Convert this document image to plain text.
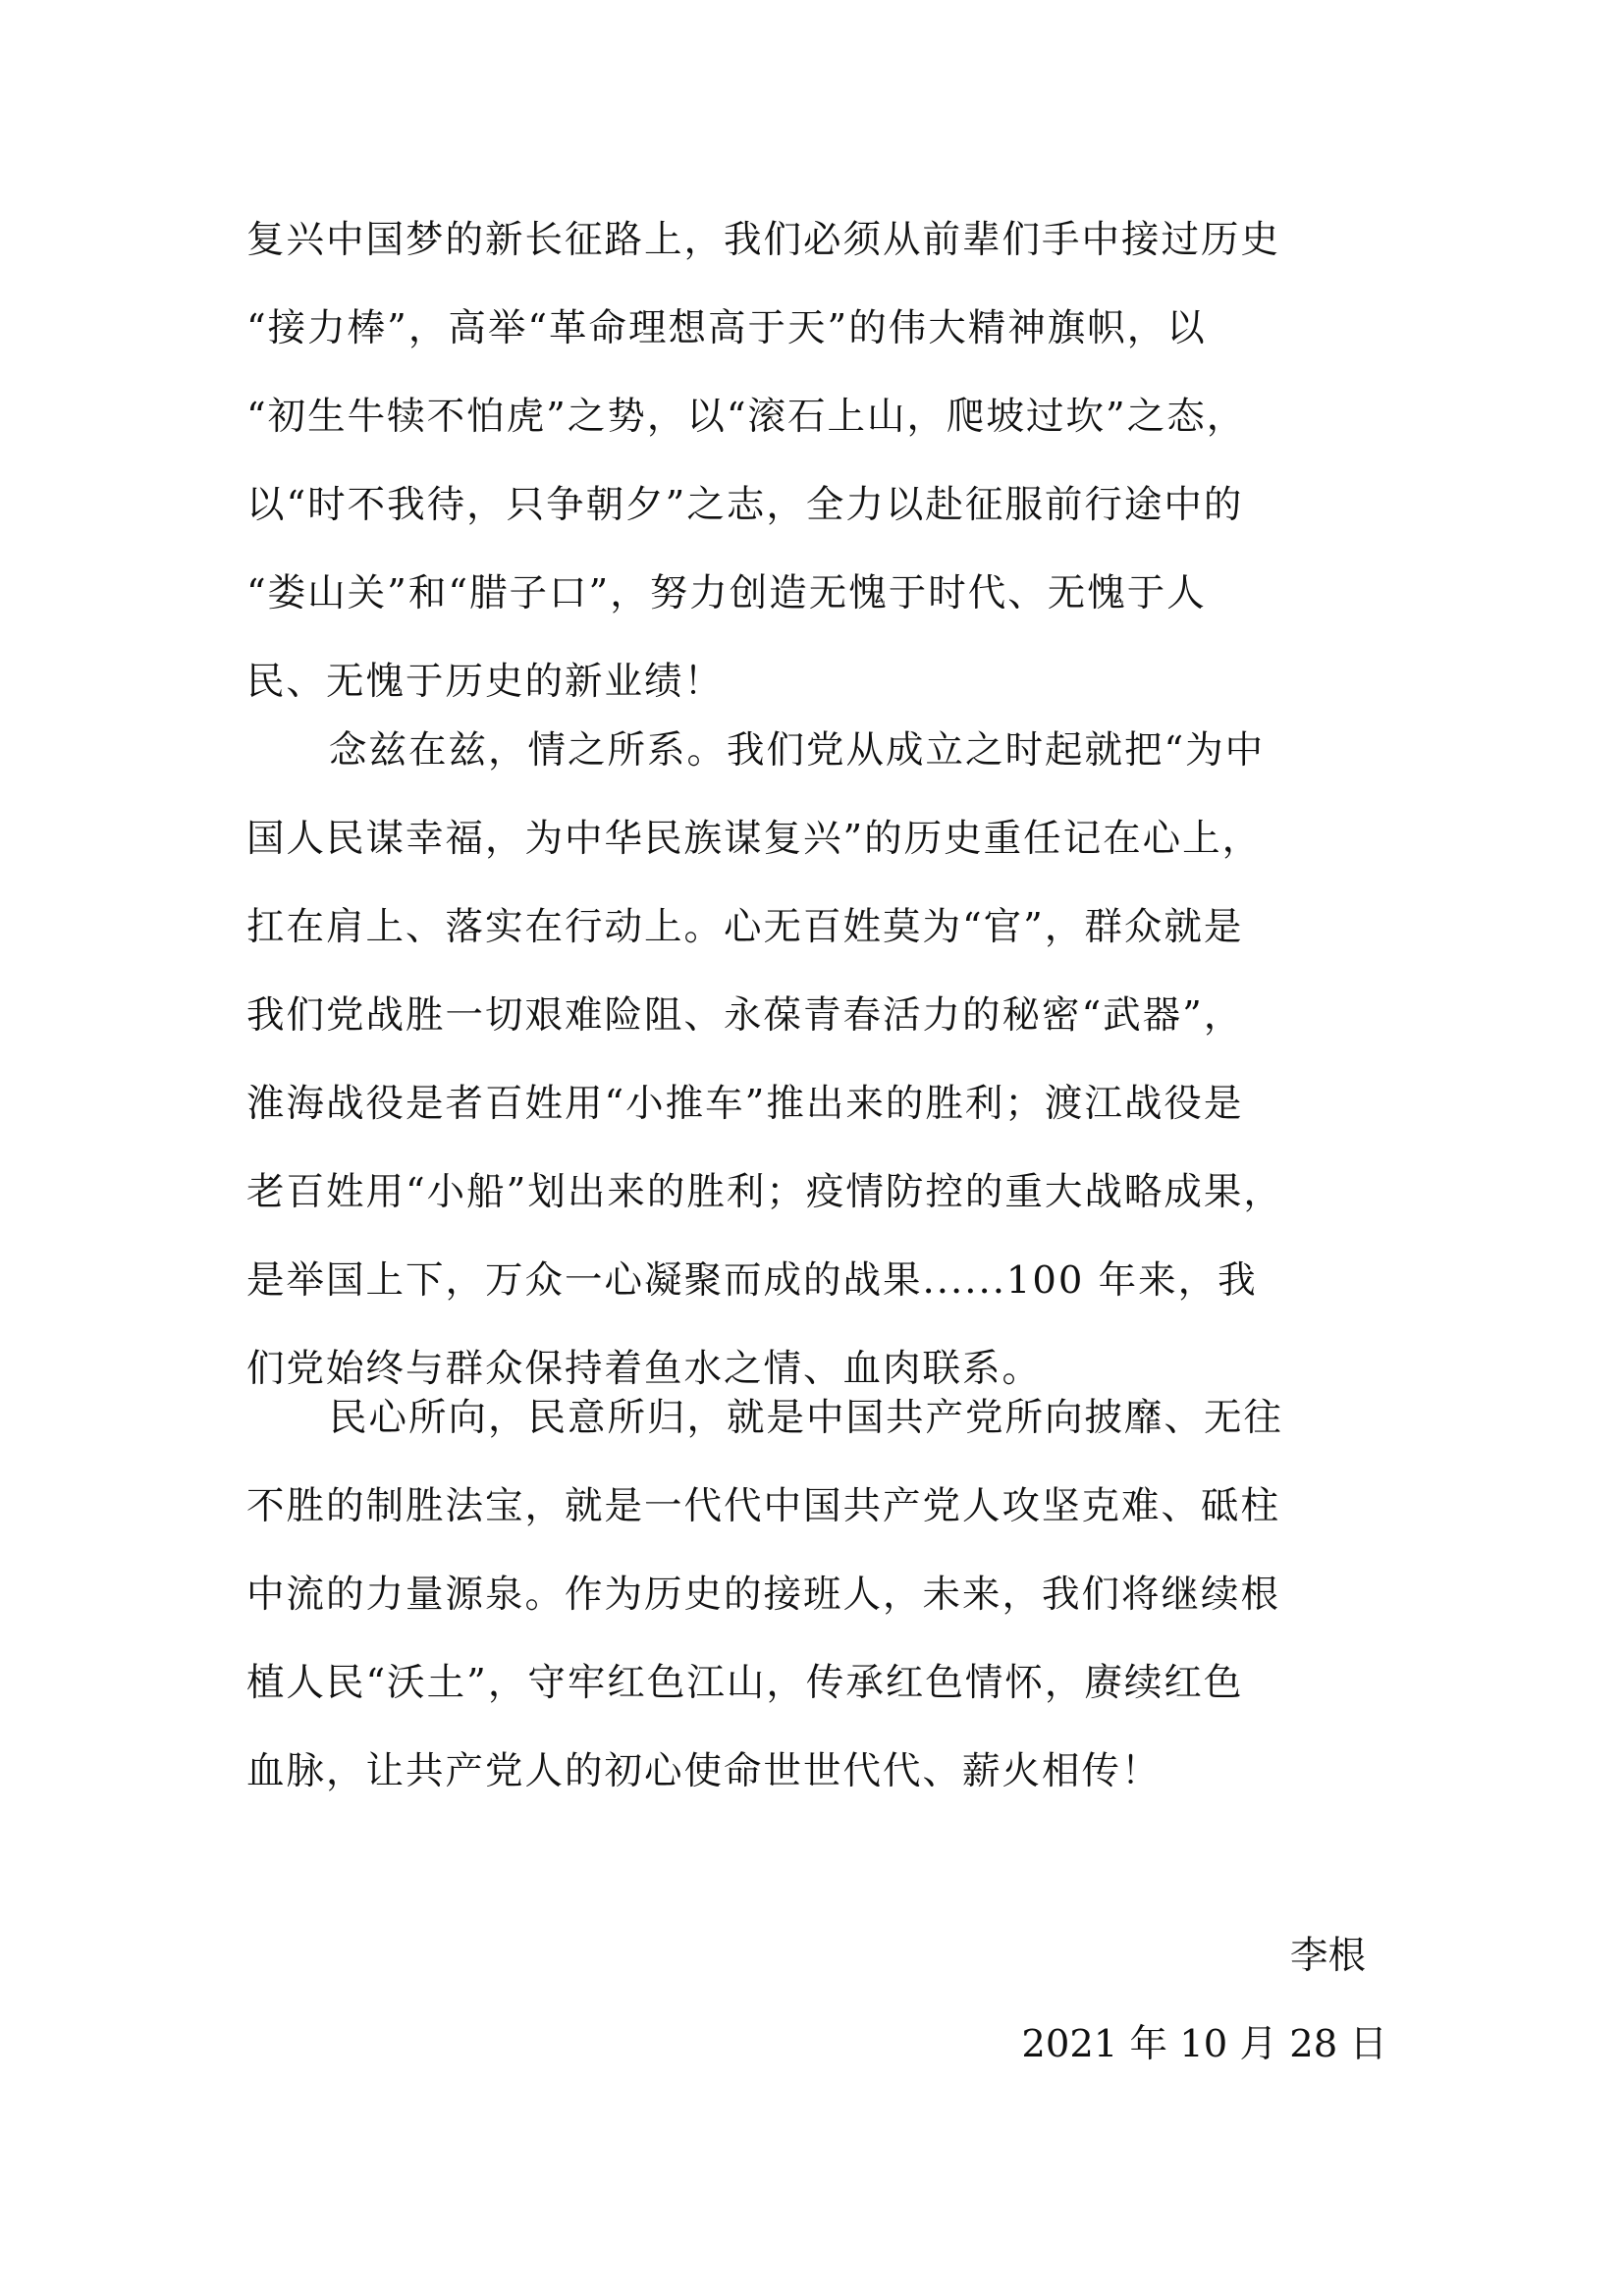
复兴中国梦的新长征路上，我们必须从前辈们手中接过历史
“接力棒”，高举“革命理想高于天”的伟大精神旗帜，以
“初生牛犊不怕虎”之势，以“滚石上山，爬坡过坎”之态，
以“时不我待，只争朝夕”之志，全力以赴征服前行途中的
“娄山关”和“腊子口”，努力创造无愧于时代、无愧于人
民、无愧于历史的新业绩！
念兹在兹，情之所系。我们党从成立之时起就把“为中
国人民谋幸福，为中华民族谋复兴”的历史重任记在心上，
扛在肩上、落实在行动上。心无百姓莫为“官”，群众就是
我们党战胜一切艰难险阻、永葆青春活力的秘密“武器”，
淮海战役是者百姓用“小推车”推出来的胜利；渡江战役是
老百姓用“小船”划出来的胜利；疫情防控的重大战略成果，
是举国上下，万众一心凝聚而成的战果......100 年来，我
们党始终与群众保持着鱼水之情、血肉联系。
民心所向，民意所归，就是中国共产党所向披靡、无往
不胜的制胜法宝，就是一代代中国共产党人攻坚克难、砥柱
中流的力量源泉。作为历史的接班人，未来，我们将继续根
植人民“沃土”，守牢红色江山，传承红色情怀，赓续红色
血脉，让共产党人的初心使命世世代代、薪火相传！
李根
2021 年 10 月 28 日
